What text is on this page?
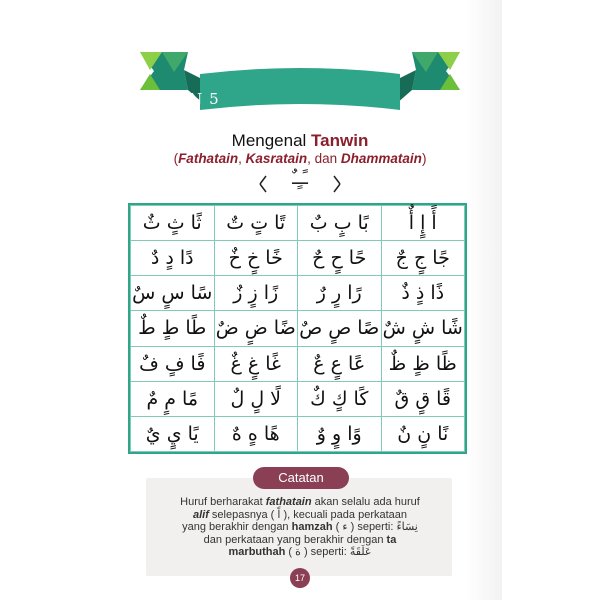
PELAJARAN 5
Mengenal Tanwin
(Fathatain, Kasratain, dan Dhammatain)
ـًـٍـٌ
ثًا ثٍ ثٌ	تًا تٍ تٌ	بًا بٍ بٌ	أً إٍ أٌ
دًا دٍ دٌ	خًا خٍ خٌ	حًا حٍ حٌ	جًا جٍ جٌ
سًا سٍ سٌ	زًا زٍ زٌ	رًا رٍ رٌ	ذًا ذٍ ذٌ
طًا طٍ طٌ	ضًا ضٍ ضٌ	صًا صٍ صٌ	شًا شٍ شٌ
فًا فٍ فٌ	غًا غٍ غٌ	عًا عٍ عٌ	ظًا ظٍ ظٌ
مًا مٍ مٌ	لًا لٍ لٌ	كًا كٍ كٌ	قًا قٍ قٌ
يًا يٍ يٌ	هًا هٍ هٌ	وًا وٍ وٌ	نًا نٍ نٌ
Catatan
Huruf berharakat fathatain akan selalu ada huruf
alif selepasnya ( اً ), kecuali pada perkataan
yang berakhir dengan hamzah ( ء ) seperti: نِسَاءً
dan perkataan yang berakhir dengan ta
marbuthah ( ة ) seperti: عَلَقَةً
17
